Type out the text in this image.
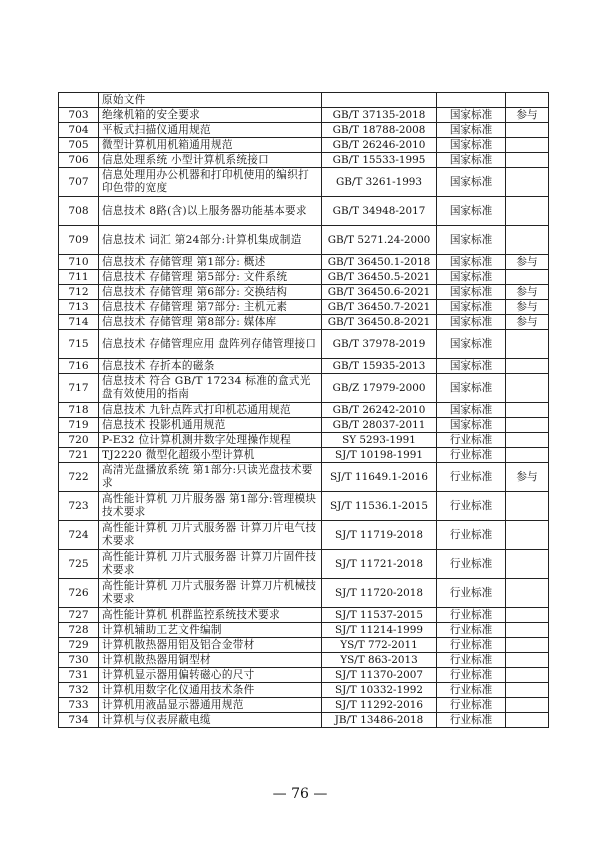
	原始文件			
703	绝缘机箱的安全要求	GB/T 37135-2018	国家标准	参与
704	平板式扫描仪通用规范	GB/T 18788-2008	国家标准	
705	微型计算机用机箱通用规范	GB/T 26246-2010	国家标准	
706	信息处理系统 小型计算机系统接口	GB/T 15533-1995	国家标准	
707	信息处理用办公机器和打印机使用的编织打印色带的宽度	GB/T 3261-1993	国家标准	
708	信息技术 8路(含)以上服务器功能基本要求	GB/T 34948-2017	国家标准	
709	信息技术 词汇 第24部分:计算机集成制造	GB/T 5271.24-2000	国家标准	
710	信息技术 存储管理 第1部分: 概述	GB/T 36450.1-2018	国家标准	参与
711	信息技术 存储管理 第5部分: 文件系统	GB/T 36450.5-2021	国家标准	
712	信息技术 存储管理 第6部分: 交换结构	GB/T 36450.6-2021	国家标准	参与
713	信息技术 存储管理 第7部分: 主机元素	GB/T 36450.7-2021	国家标准	参与
714	信息技术 存储管理 第8部分: 媒体库	GB/T 36450.8-2021	国家标准	参与
715	信息技术 存储管理应用 盘阵列存储管理接口	GB/T 37978-2019	国家标准	
716	信息技术 存折本的磁条	GB/T 15935-2013	国家标准	
717	信息技术 符合 GB/T 17234 标准的盒式光盘有效使用的指南	GB/Z 17979-2000	国家标准	
718	信息技术 九针点阵式打印机芯通用规范	GB/T 26242-2010	国家标准	
719	信息技术 投影机通用规范	GB/T 28037-2011	国家标准	
720	P-E32 位计算机测井数字处理操作规程	SY 5293-1991	行业标准	
721	TJ2220 微型化超级小型计算机	SJ/T 10198-1991	行业标准	
722	高清光盘播放系统 第1部分:只读光盘技术要求	SJ/T 11649.1-2016	行业标准	参与
723	高性能计算机 刀片服务器 第1部分:管理模块技术要求	SJ/T 11536.1-2015	行业标准	
724	高性能计算机 刀片式服务器 计算刀片电气技术要求	SJ/T 11719-2018	行业标准	
725	高性能计算机 刀片式服务器 计算刀片固件技术要求	SJ/T 11721-2018	行业标准	
726	高性能计算机 刀片式服务器 计算刀片机械技术要求	SJ/T 11720-2018	行业标准	
727	高性能计算机 机群监控系统技术要求	SJ/T 11537-2015	行业标准	
728	计算机辅助工艺文件编制	SJ/T 11214-1999	行业标准	
729	计算机散热器用铝及铝合金带材	YS/T 772-2011	行业标准	
730	计算机散热器用铜型材	YS/T 863-2013	行业标准	
731	计算机显示器用偏转磁心的尺寸	SJ/T 11370-2007	行业标准	
732	计算机用数字化仪通用技术条件	SJ/T 10332-1992	行业标准	
733	计算机用液晶显示器通用规范	SJ/T 11292-2016	行业标准	
734	计算机与仪表屏蔽电缆	JB/T 13486-2018	行业标准	
— 76 —
